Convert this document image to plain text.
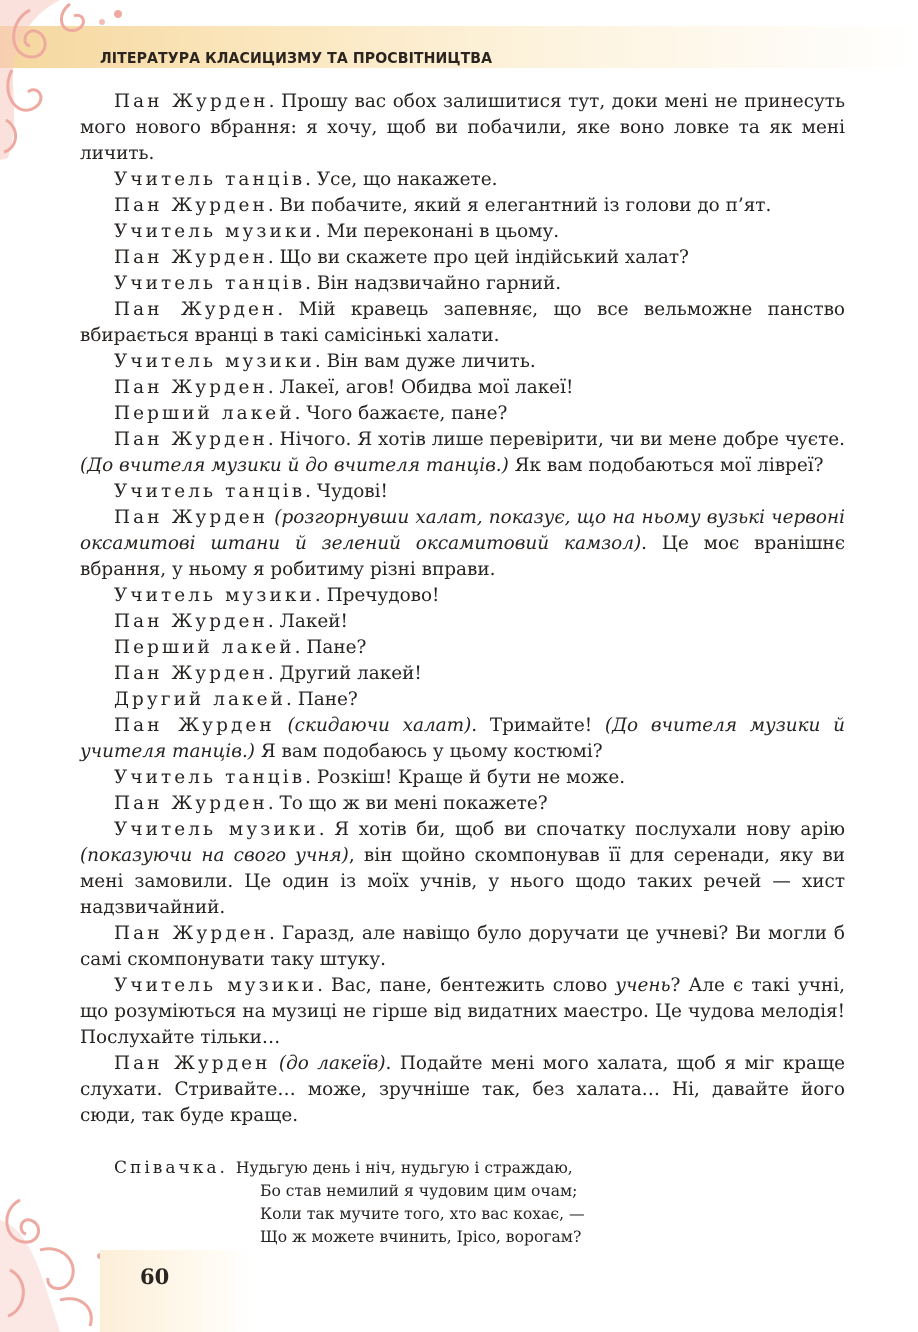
ЛІТЕРАТУРА КЛАСИЦИЗМУ ТА ПРОСВІТНИЦТВА

Пан Журден. Прошу вас обох залишитися тут, доки мені не принесуть мого нового вбрання: я хочу, щоб ви побачили, яке воно ловке та як мені личить.

Учитель танців. Усе, що накажете.

Пан Журден. Ви побачите, який я елегантний із голови до п’ят.

Учитель музики. Ми переконані в цьому.

Пан Журден. Що ви скажете про цей індійський халат?

Учитель танців. Він надзвичайно гарний.

Пан Журден. Мій кравець запевняє, що все вельможне панство вбирається вранці в такі самісінькі халати.

Учитель музики. Він вам дуже личить.

Пан Журден. Лакеї, агов! Обидва мої лакеї!

Перший лакей. Чого бажаєте, пане?

Пан Журден. Нічого. Я хотів лише перевірити, чи ви мене добре чуєте. (До вчителя музики й до вчителя танців.) Як вам подобаються мої лівреї?

Учитель танців. Чудові!

Пан Журден (розгорнувши халат, показує, що на ньому вузькі червоні оксамитові штани й зелений оксамитовий камзол). Це моє вранішнє вбрання, у ньому я робитиму різні вправи.

Учитель музики. Пречудово!

Пан Журден. Лакей!

Перший лакей. Пане?

Пан Журден. Другий лакей!

Другий лакей. Пане?

Пан Журден (скидаючи халат). Тримайте! (До вчителя музики й учителя танців.) Я вам подобаюсь у цьому костюмі?

Учитель танців. Розкіш! Краще й бути не може.

Пан Журден. То що ж ви мені покажете?

Учитель музики. Я хотів би, щоб ви спочатку послухали нову арію (показуючи на свого учня), він щойно скомпонував її для серенади, яку ви мені замовили. Це один із моїх учнів, у нього щодо таких речей — хист надзвичайний.

Пан Журден. Гаразд, але навіщо було доручати це учневі? Ви могли б самі скомпонувати таку штуку.

Учитель музики. Вас, пане, бентежить слово учень? Але є такі учні, що розуміються на музиці не гірше від видатних маестро. Це чудова мелодія! Послухайте тільки…

Пан Журден (до лакеїв). Подайте мені мого халата, щоб я міг краще слухати. Стривайте… може, зручніше так, без халата… Ні, давайте його сюди, так буде краще.

Співачка. Нудьгую день і ніч, нудьгую і страждаю,
Бо став немилий я чудовим цим очам;
Коли так мучите того, хто вас кохає, —
Що ж можете вчинить, Ірісо, ворогам?
60
